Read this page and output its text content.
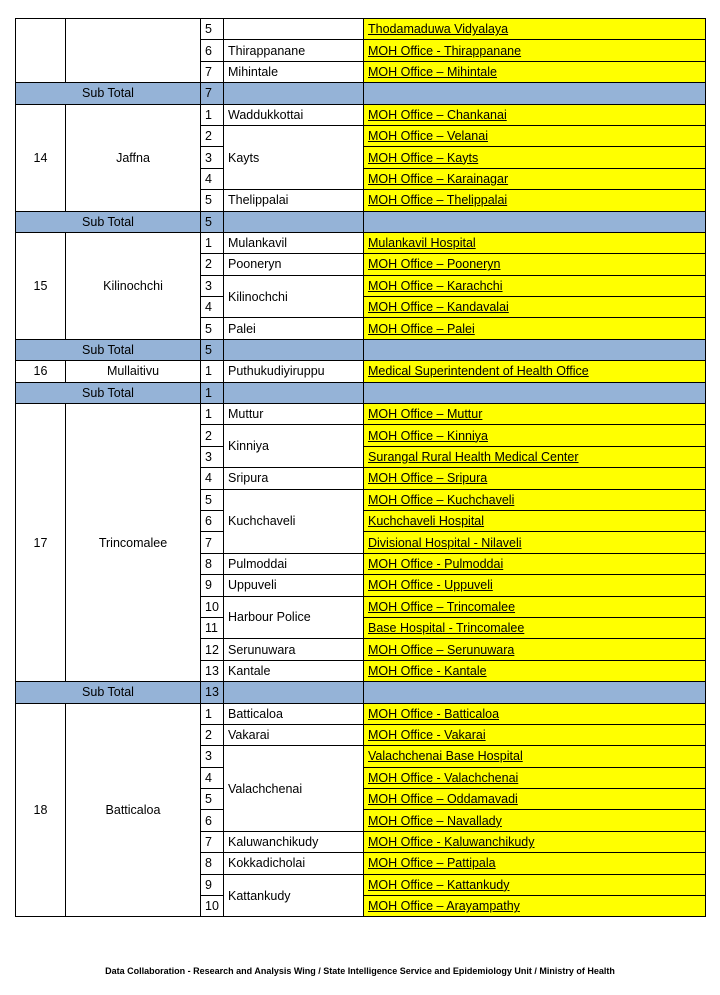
		5		Thodamaduwa Vidyalaya
		6	Thirappanane	MOH Office - Thirappanane
		7	Mihintale	MOH Office – Mihintale
Sub Total		7		
14	Jaffna	1	Waddukkottai	MOH Office – Chankanai
		2	Kayts	MOH Office – Velanai
		3		MOH Office – Kayts
		4		MOH Office – Karainagar
		5	Thelippalai	MOH Office – Thelippalai
Sub Total		5		
15	Kilinochchi	1	Mulankavil	Mulankavil Hospital
		2	Pooneryn	MOH Office – Pooneryn
		3	Kilinochchi	MOH Office – Karachchi
		4		MOH Office – Kandavalai
		5	Palei	MOH Office – Palei
Sub Total		5		
16	Mullaitivu	1	Puthukudiyiruppu	Medical Superintendent of Health Office
Sub Total		1		
17	Trincomalee	1	Muttur	MOH Office – Muttur
		2	Kinniya	MOH Office – Kinniya
		3		Surangal Rural Health Medical Center
		4	Sripura	MOH Office – Sripura
		5	Kuchchaveli	MOH Office – Kuchchaveli
		6		Kuchchaveli Hospital
		7		Divisional Hospital - Nilaveli
		8	Pulmoddai	MOH Office - Pulmoddai
		9	Uppuveli	MOH Office - Uppuveli
		10	Harbour Police	MOH Office – Trincomalee
		11		Base Hospital - Trincomalee
		12	Serunuwara	MOH Office – Serunuwara
		13	Kantale	MOH Office - Kantale
Sub Total		13		
18	Batticaloa	1	Batticaloa	MOH Office - Batticaloa
		2	Vakarai	MOH Office - Vakarai
		3	Valachchenai	Valachchenai Base Hospital
		4		MOH Office - Valachchenai
		5		MOH Office – Oddamavadi
		6		MOH Office – Navallady
		7	Kaluwanchikudy	MOH Office - Kaluwanchikudy
		8	Kokkadicholai	MOH Office – Pattipala
		9	Kattankudy	MOH Office – Kattankudy
		10		MOH Office – Arayampathy
Data Collaboration - Research and Analysis Wing / State Intelligence Service and Epidemiology Unit / Ministry of Health
